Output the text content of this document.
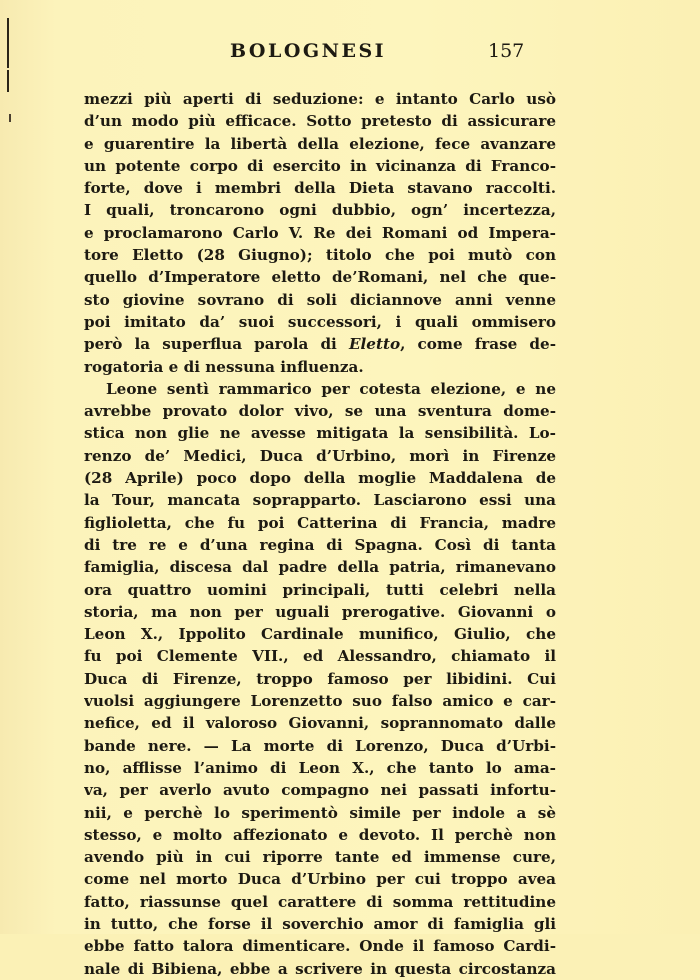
BOLOGNESI	157
mezzi più aperti di seduzione: e intanto Carlo usò
d’un modo più efficace. Sotto pretesto di assicurare
e guarentire la libertà della elezione, fece avanzare
un potente corpo di esercito in vicinanza di Franco-
forte, dove i membri della Dieta stavano raccolti.
I quali, troncarono ogni dubbio, ogn’ incertezza,
e proclamarono Carlo V. Re dei Romani od Impera-
tore Eletto (28 Giugno); titolo che poi mutò con
quello d’Imperatore eletto de’Romani, nel che que-
sto giovine sovrano di soli diciannove anni venne
poi imitato da’ suoi successori, i quali ommisero
però la superflua parola di Eletto, come frase de-
rogatoria e di nessuna influenza.
Leone sentì rammarico per cotesta elezione, e ne
avrebbe provato dolor vivo, se una sventura dome-
stica non glie ne avesse mitigata la sensibilità. Lo-
renzo de’ Medici, Duca d’Urbino, morì in Firenze
(28 Aprile) poco dopo della moglie Maddalena de
la Tour, mancata soprapparto. Lasciarono essi una
figlioletta, che fu poi Catterina di Francia, madre
di tre re e d’una regina di Spagna. Così di tanta
famiglia, discesa dal padre della patria, rimanevano
ora quattro uomini principali, tutti celebri nella
storia, ma non per uguali prerogative. Giovanni o
Leon X., Ippolito Cardinale munifico, Giulio, che
fu poi Clemente VII., ed Alessandro, chiamato il
Duca di Firenze, troppo famoso per libidini. Cui
vuolsi aggiungere Lorenzetto suo falso amico e car-
nefice, ed il valoroso Giovanni, soprannomato dalle
bande nere. — La morte di Lorenzo, Duca d’Urbi-
no, afflisse l’animo di Leon X., che tanto lo ama-
va, per averlo avuto compagno nei passati infortu-
nii, e perchè lo sperimentò simile per indole a sè
stesso, e molto affezionato e devoto. Il perchè non
avendo più in cui riporre tante ed immense cure,
come nel morto Duca d’Urbino per cui troppo avea
fatto, riassunse quel carattere di somma rettitudine
in tutto, che forse il soverchio amor di famiglia gli
ebbe fatto talora dimenticare. Onde il famoso Cardi-
nale di Bibiena, ebbe a scrivere in questa circostanza
